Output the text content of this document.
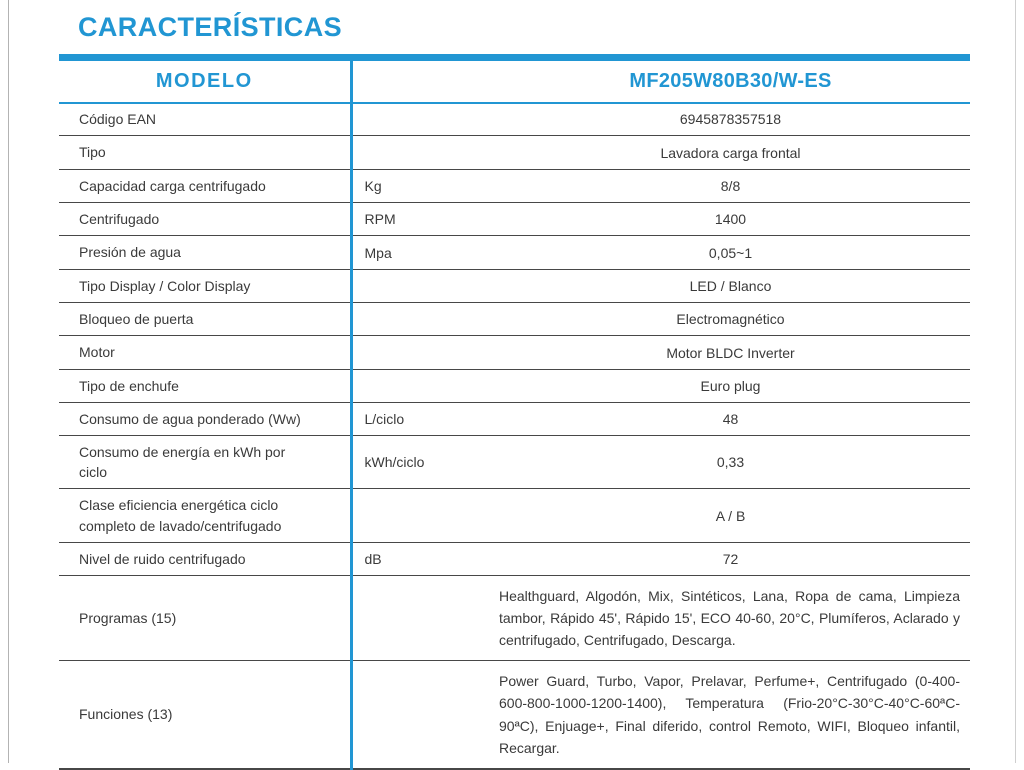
CARACTERÍSTICAS
MODELO		MF205W80B30/W-ES
Código EAN		6945878357518
Tipo		Lavadora carga frontal
Capacidad carga centrifugado	Kg	8/8
Centrifugado	RPM	1400
Presión de agua	Mpa	0,05~1
Tipo Display / Color Display		LED / Blanco
Bloqueo de puerta		Electromagnético
Motor		Motor BLDC Inverter
Tipo de enchufe		Euro plug
Consumo de agua ponderado (Ww)	L/ciclo	48
Consumo de energía en kWh por ciclo	kWh/ciclo	0,33
Clase eficiencia energética ciclo completo de lavado/centrifugado		A / B
Nivel de ruido centrifugado	dB	72
Programas (15)		Healthguard, Algodón, Mix, Sintéticos, Lana, Ropa de cama, Limpieza tambor, Rápido 45', Rápido 15', ECO 40-60, 20°C, Plumíferos, Aclarado y centrifugado, Centrifugado, Descarga.
Funciones (13)		Power Guard, Turbo, Vapor, Prelavar, Perfume+, Centrifugado (0-400-600-800-1000-1200-1400), Temperatura (Frio-20°C-30°C-40°C-60ªC-90ªC), Enjuage+, Final diferido, control Remoto, WIFI, Bloqueo infantil, Recargar.
